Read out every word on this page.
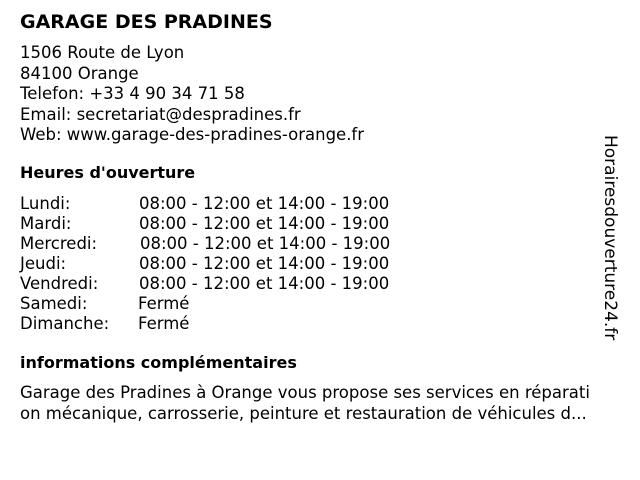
GARAGE DES PRADINES
1506 Route de Lyon
84100 Orange
Telefon: +33 4 90 34 71 58
Email: secretariat@despradines.fr
Web: www.garage-des-pradines-orange.fr
Heures d'ouverture
Lundi:	08:00 - 12:00 et 14:00 - 19:00
Mardi:	08:00 - 12:00 et 14:00 - 19:00
Mercredi:	08:00 - 12:00 et 14:00 - 19:00
Jeudi:	08:00 - 12:00 et 14:00 - 19:00
Vendredi: 08:00 - 12:00 et 14:00 - 19:00
Samedi:	Fermé
Dimanche: Fermé
informations complémentaires
Garage des Pradines à Orange vous propose ses services en réparati
on mécanique, carrosserie, peinture et restauration de véhicules d...
Horairesdouverture24.fr
